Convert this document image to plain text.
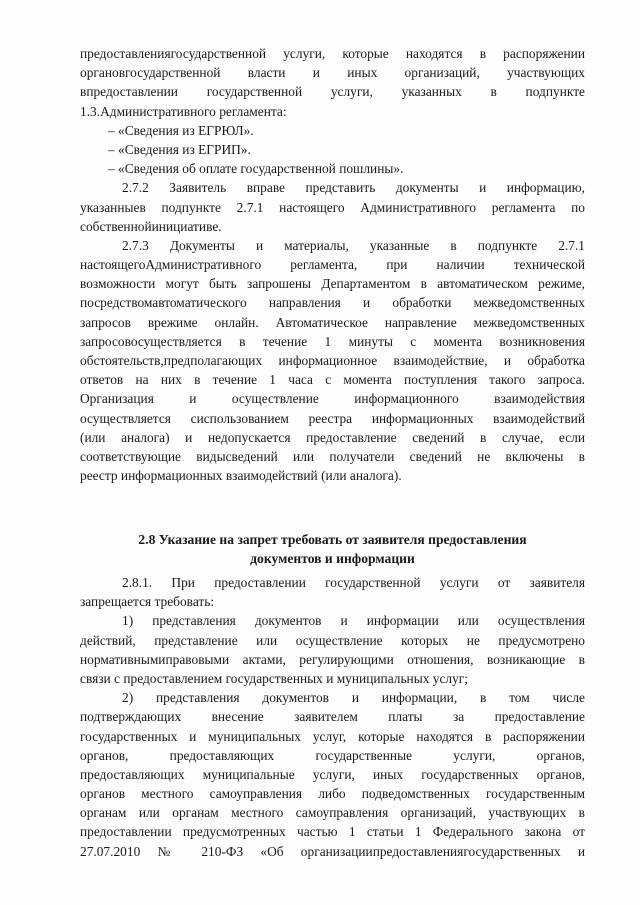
предоставлениягосударственной услуги, которые находятся в распоряжении
органовгосударственной власти и иных организаций, участвующих
впредоставлении государственной услуги, указанных в подпункте
1.3.Административного регламента:
– «Сведения из ЕГРЮЛ».
– «Сведения из ЕГРИП».
– «Сведения об оплате государственной пошлины».
2.7.2 Заявитель вправе представить документы и информацию,
указанныев подпункте 2.7.1 настоящего Административного регламента по
собственнойинициативе.
2.7.3 Документы и материалы, указанные в подпункте 2.7.1
настоящегоАдминистративного регламента, при наличии технической
возможности могут быть запрошены Департаментом в автоматическом режиме,
посредствомавтоматического направления и обработки межведомственных
запросов врежиме онлайн. Автоматическое направление межведомственных
запросовосуществляется в течение 1 минуты с момента возникновения
обстоятельств,предполагающих информационное взаимодействие, и обработка
ответов на них в течение 1 часа с момента поступления такого запроса.
Организация и осуществление информационного взаимодействия
осуществляется сиспользованием реестра информационных взаимодействий
(или аналога) и недопускается предоставление сведений в случае, если
соответствующие видысведений или получатели сведений не включены в
реестр информационных взаимодействий (или аналога).
2.8 Указание на запрет требовать от заявителя предоставления
документов и информации
2.8.1. При предоставлении государственной услуги от заявителя
запрещается требовать:
1) представления документов и информации или осуществления
действий, представление или осуществление которых не предусмотрено
нормативнымиправовыми актами, регулирующими отношения, возникающие в
связи с предоставлением государственных и муниципальных услуг;
2) представления документов и информации, в том числе
подтверждающих внесение заявителем платы за предоставление
государственных и муниципальных услуг, которые находятся в распоряжении
органов, предоставляющих государственные услуги, органов,
предоставляющих муниципальные услуги, иных государственных органов,
органов местного самоуправления либо подведомственных государственным
органам или органам местного самоуправления организаций, участвующих в
предоставлении предусмотренных частью 1 статьи 1 Федерального закона от
27.07.2010 № 210-ФЗ «Об организациипредоставлениягосударственных и
